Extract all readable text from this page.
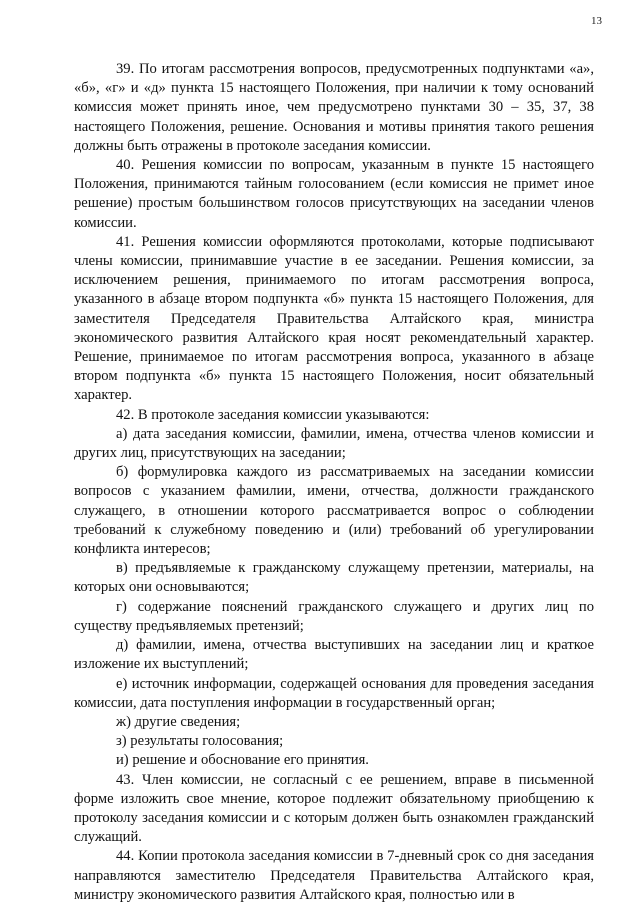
13

39. По итогам рассмотрения вопросов, предусмотренных подпунктами «а», «б», «г» и «д» пункта 15 настоящего Положения, при наличии к тому оснований комиссия может принять иное, чем предусмотрено пунктами 30 – 35, 37, 38 настоящего Положения, решение. Основания и мотивы принятия такого решения должны быть отражены в протоколе заседания комиссии.

40. Решения комиссии по вопросам, указанным в пункте 15 настоящего Положения, принимаются тайным голосованием (если комиссия не примет иное решение) простым большинством голосов присутствующих на заседании членов комиссии.

41. Решения комиссии оформляются протоколами, которые подписывают члены комиссии, принимавшие участие в ее заседании. Решения комиссии, за исключением решения, принимаемого по итогам рассмотрения вопроса, указанного в абзаце втором подпункта «б» пункта 15 настоящего Положения, для заместителя Председателя Правительства Алтайского края, министра экономического развития Алтайского края носят рекомендательный характер. Решение, принимаемое по итогам рассмотрения вопроса, указанного в абзаце втором подпункта «б» пункта 15 настоящего Положения, носит обязательный характер.

42. В протоколе заседания комиссии указываются:

а) дата заседания комиссии, фамилии, имена, отчества членов комиссии и других лиц, присутствующих на заседании;

б) формулировка каждого из рассматриваемых на заседании комиссии вопросов с указанием фамилии, имени, отчества, должности гражданского служащего, в отношении которого рассматривается вопрос о соблюдении требований к служебному поведению и (или) требований об урегулировании конфликта интересов;

в) предъявляемые к гражданскому служащему претензии, материалы, на которых они основываются;

г) содержание пояснений гражданского служащего и других лиц по существу предъявляемых претензий;

д) фамилии, имена, отчества выступивших на заседании лиц и краткое изложение их выступлений;

е) источник информации, содержащей основания для проведения заседания комиссии, дата поступления информации в государственный орган;

ж) другие сведения;

з) результаты голосования;

и) решение и обоснование его принятия.

43. Член комиссии, не согласный с ее решением, вправе в письменной форме изложить свое мнение, которое подлежит обязательному приобщению к протоколу заседания комиссии и с которым должен быть ознакомлен гражданский служащий.

44. Копии протокола заседания комиссии в 7-дневный срок со дня заседания направляются заместителю Председателя Правительства Алтайского края, министру экономического развития Алтайского края, полностью или в
